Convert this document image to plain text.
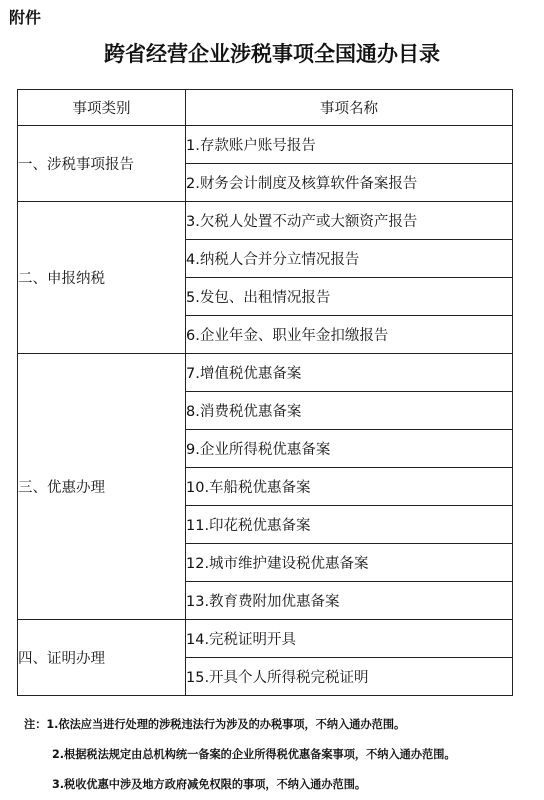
附件
跨省经营企业涉税事项全国通办目录
事项类别	事项名称
一、涉税事项报告	1.存款账户账号报告
	2.财务会计制度及核算软件备案报告
二、申报纳税	3.欠税人处置不动产或大额资产报告
	4.纳税人合并分立情况报告
	5.发包、出租情况报告
	6.企业年金、职业年金扣缴报告
三、优惠办理	7.增值税优惠备案
	8.消费税优惠备案
	9.企业所得税优惠备案
	10.车船税优惠备案
	11.印花税优惠备案
	12.城市维护建设税优惠备案
	13.教育费附加优惠备案
四、证明办理	14.完税证明开具
	15.开具个人所得税完税证明
注：1.依法应当进行处理的涉税违法行为涉及的办税事项，不纳入通办范围。
2.根据税法规定由总机构统一备案的企业所得税优惠备案事项，不纳入通办范围。
3.税收优惠中涉及地方政府减免权限的事项，不纳入通办范围。
